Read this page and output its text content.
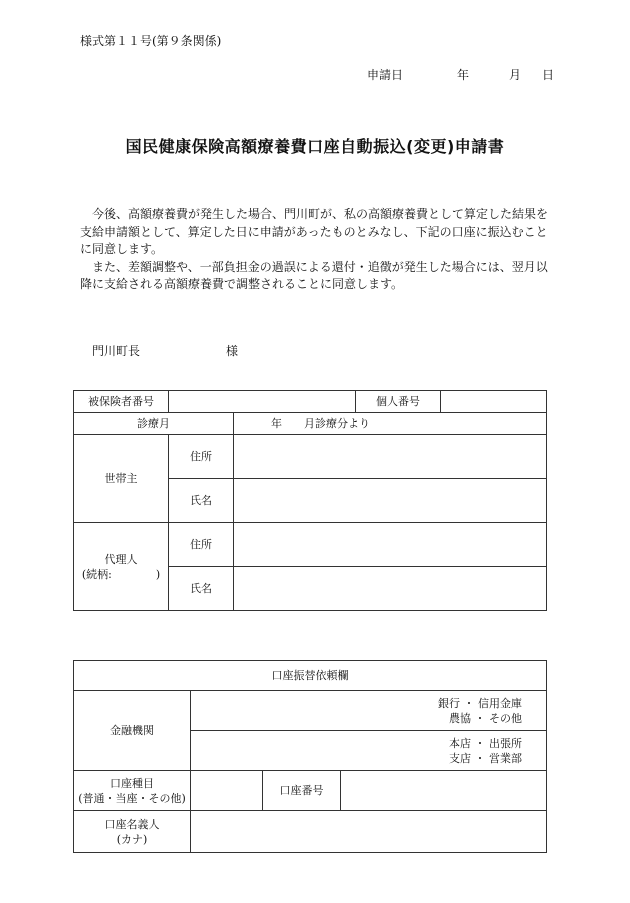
様式第１１号(第９条関係)
申請日	年	月 日
国民健康保険高額療養費口座自動振込(変更)申請書

今後、高額療養費が発生した場合、門川町が、私の高額療養費として算定した結果を支給申請額として、算定した日に申請があったものとみなし、下記の口座に振込むことに同意します。

また、差額調整や、一部負担金の過誤による還付・追徴が発生した場合には、翌月以降に支給される高額療養費で調整されることに同意します。

門川町長	様
被保険者番号			個人番号	
診療月		年　　月診療分より		
世帯主	住所			
	氏名			

代理人
(続柄:　　　　)	住所			
	氏名			
口座振替依頼欄			
金融機関	銀行 ・ 信用金庫
農協 ・ その他		

	本店 ・ 出張所
支店 ・ 営業部		

口座種目
(普通・当座・その他)		口座番号	

口座名義人
(カナ)			
